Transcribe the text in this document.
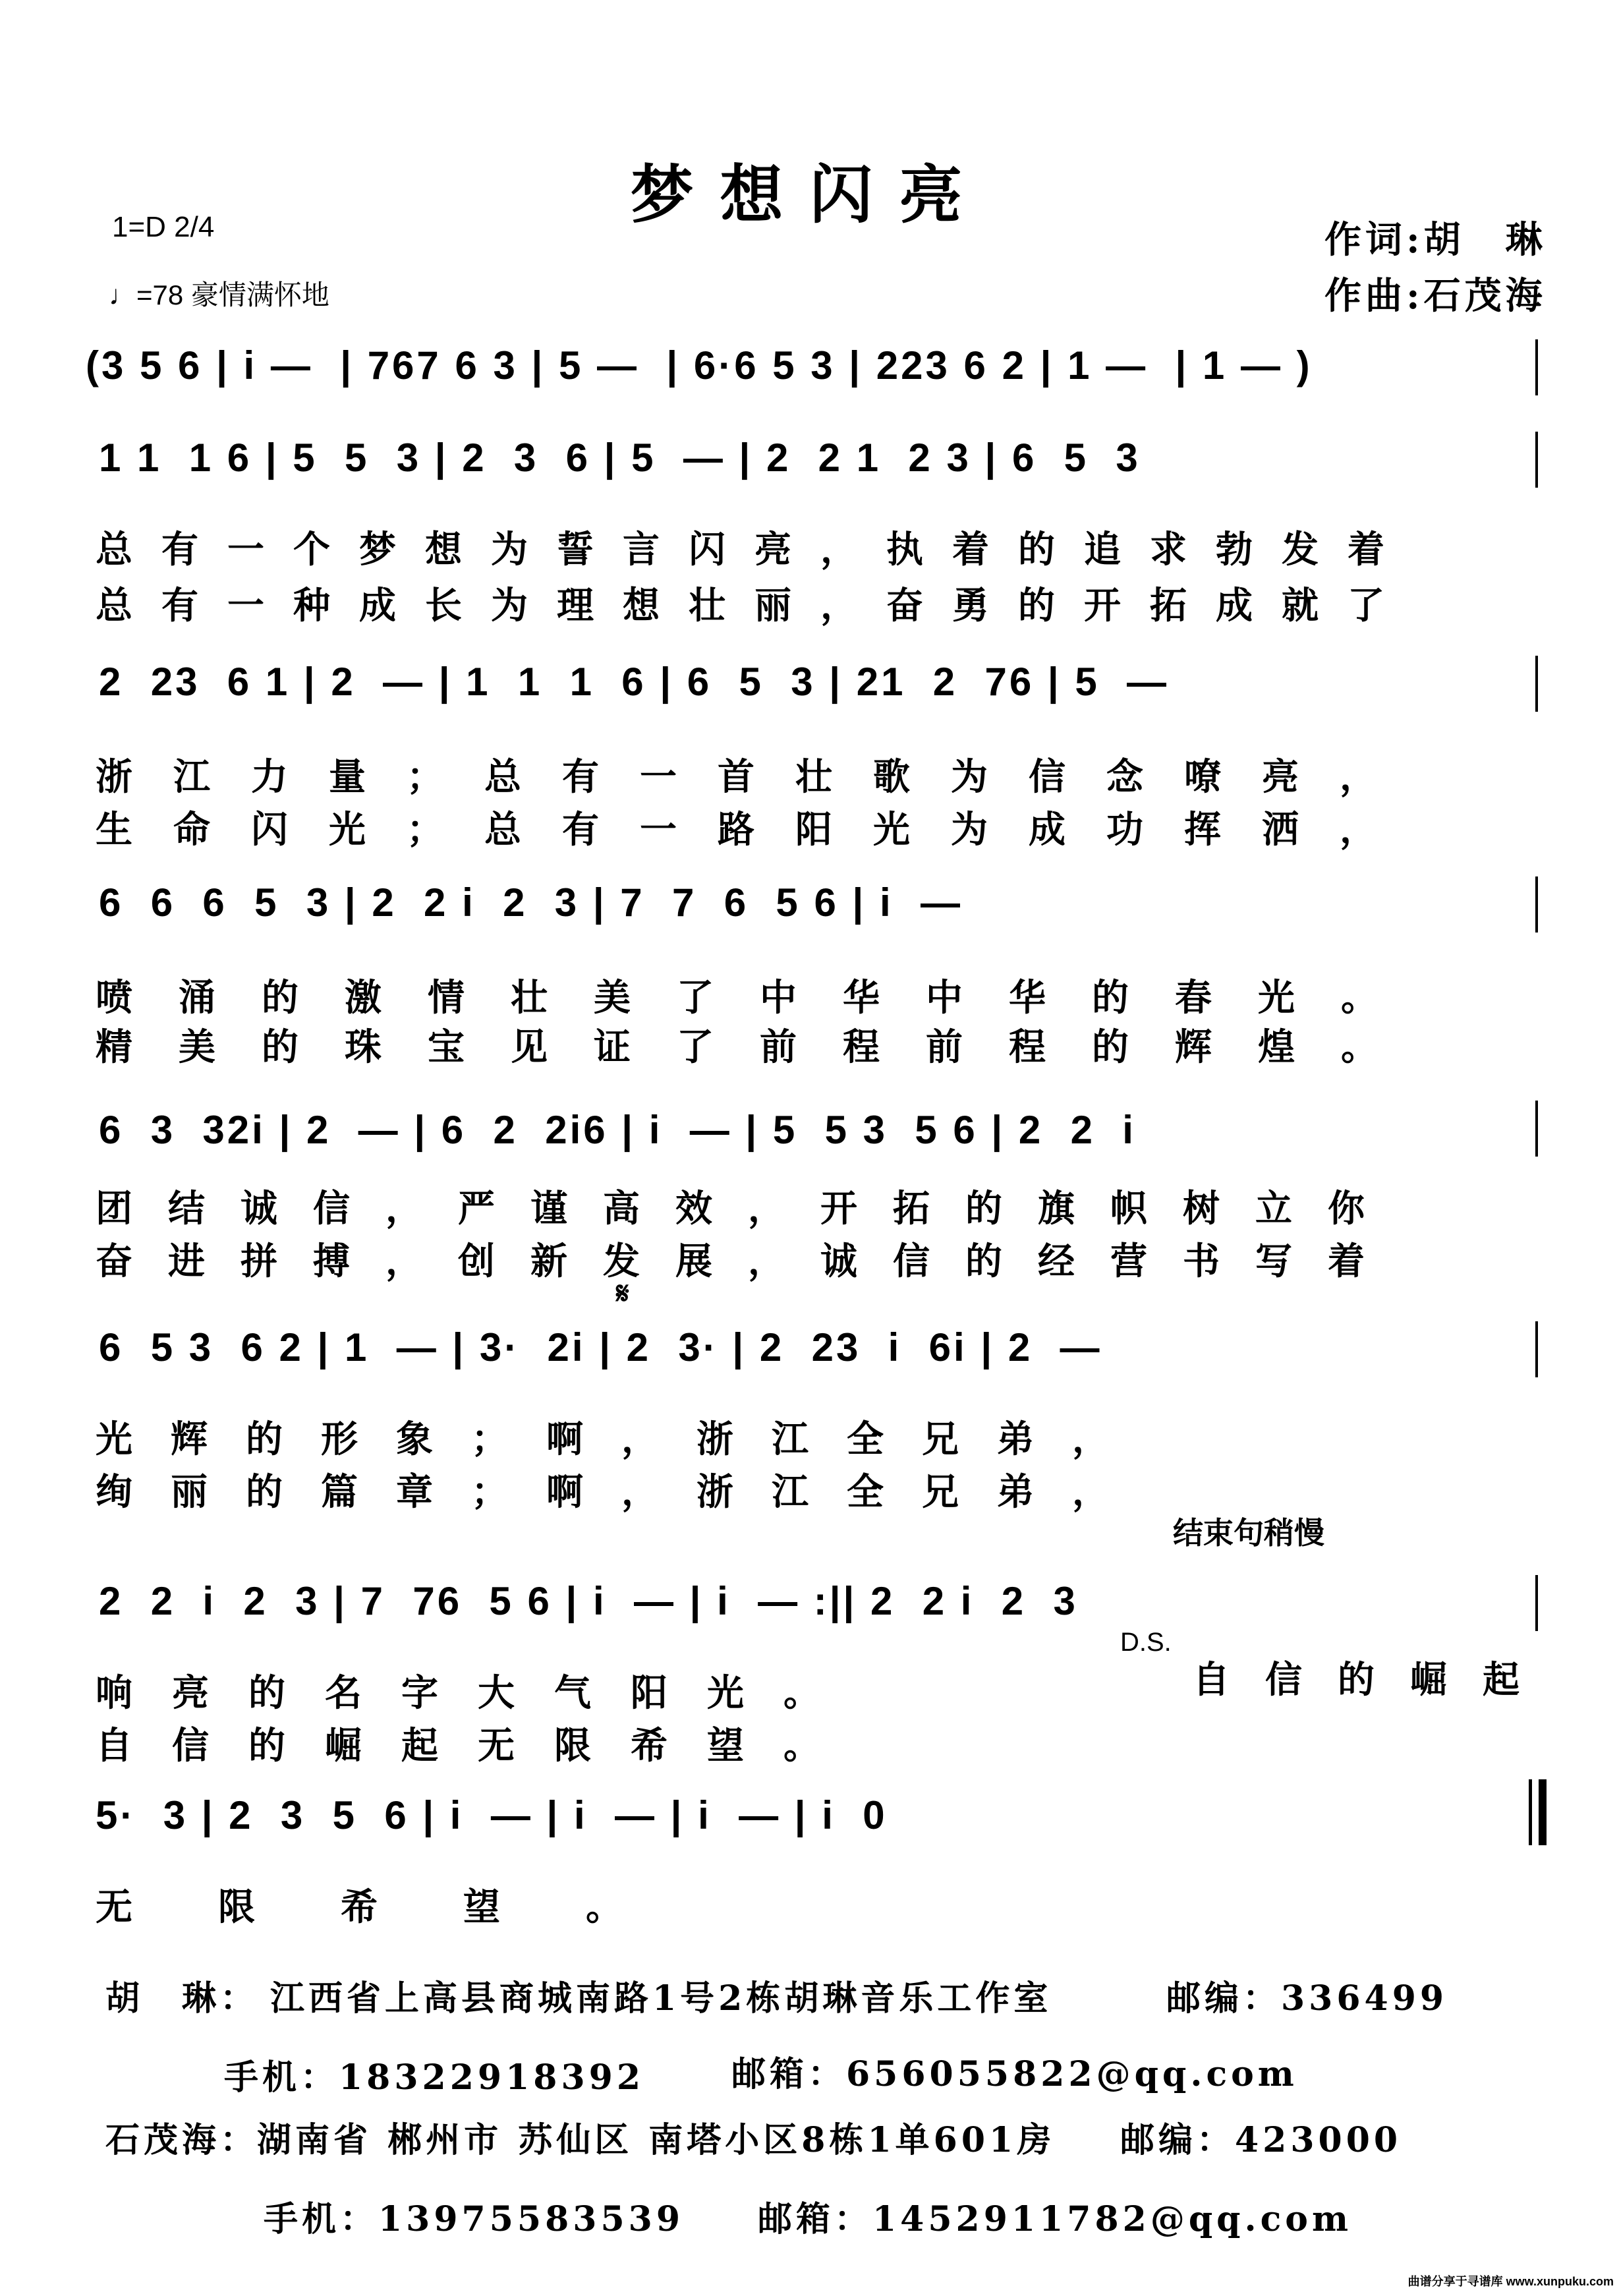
梦想闪亮
1=D 2/4
♩=78 豪情满怀地
作词:胡　琳
作曲:石茂海
(3 5 6 | i —  | 767 6 3 | 5 —  | 6·6 5 3 | 223 6 2 | 1 —  | 1 — )
1 1  1 6 | 5  5  3 | 2  3  6 | 5  — | 2  2 1  2 3 | 6  5  3
总有一个梦想为誓言闪亮，执着的追求勃发着
总有一种成长为理想壮丽，奋勇的开拓成就了
2  23  6 1 | 2  — | 1  1  1  6 | 6  5  3 | 21  2  76 | 5  —
浙江力量；总有一首壮歌为信念嘹亮，
生命闪光；总有一路阳光为成功挥洒，
6  6  6  5  3 | 2  2 i  2  3 | 7  7  6  5 6 | i  —
喷涌的激情壮美了中华中华的春光。
精美的珠宝见证了前程前程的辉煌。
6  3  32i | 2  — | 6  2  2i6 | i  — | 5  5 3  5 6 | 2  2  i
团结诚信，严谨高效，开拓的旗帜树立你
奋进拼搏，创新发展，诚信的经营书写着
𝄋
6  5 3  6 2 | 1  — | 3·  2i | 2  3· | 2  23  i  6i | 2  —
光辉的形象；啊，浙江全兄弟，
绚丽的篇章；啊，浙江全兄弟，
结束句稍慢
2  2  i  2  3 | 7  76  5 6 | i  — | i  — :|| 2  2 i  2  3
D.S.
响亮的名字大气阳光。	自信的崛起
自信的崛起无限希望。
5·  3 | 2  3  5  6 | i  — | i  — | i  — | i  0
无限希望。
胡　琳： 江西省上高县商城南路1号2栋胡琳音乐工作室	邮编：336499
手机：18322918392	邮箱：656055822@qq.com
石茂海：
湖南省 郴州市 苏仙区 南塔小区8栋1单601房 邮编：423000
手机：13975583539 邮箱：1452911782@qq.com
曲谱分享于寻谱库 www.xunpuku.com
